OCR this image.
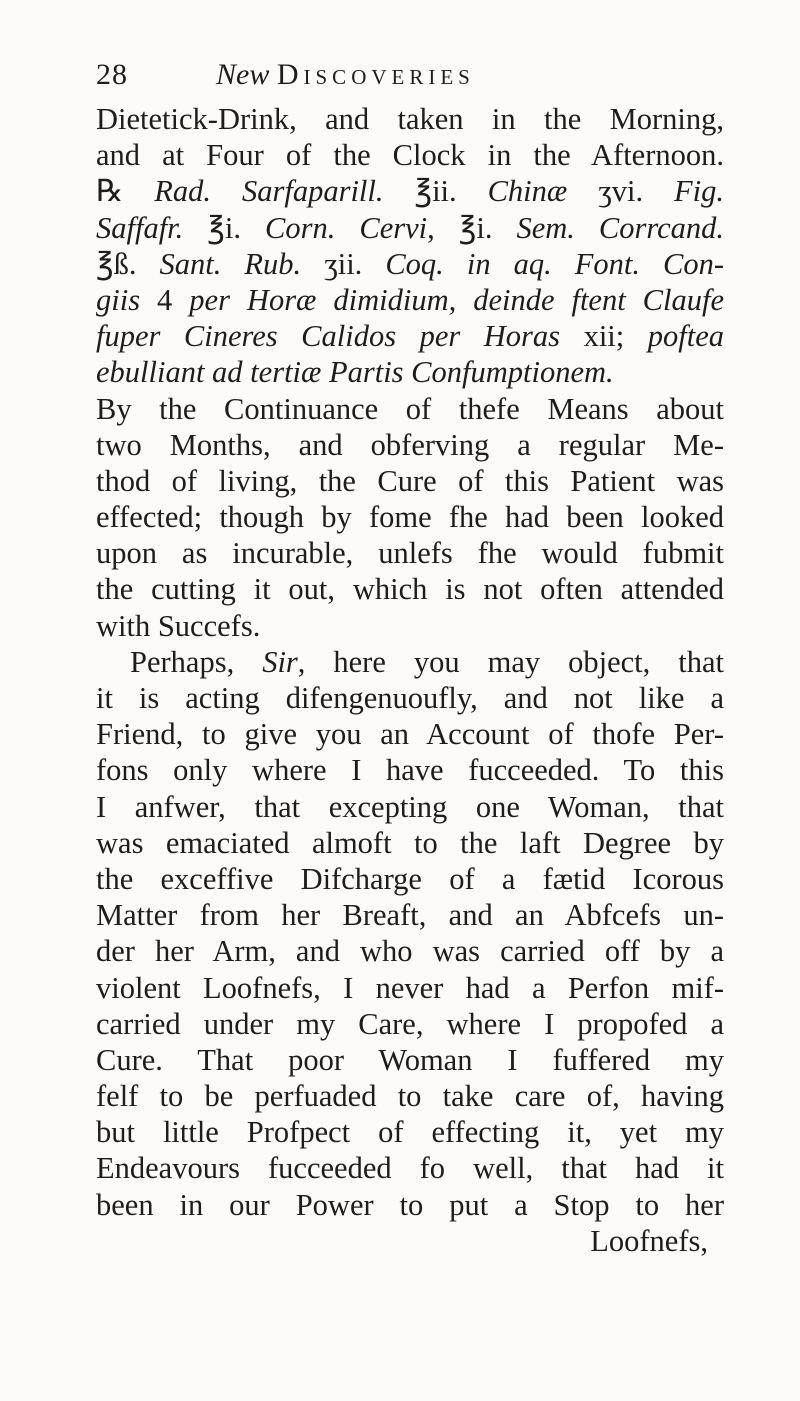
28	New Discoveries
Dietetick-Drink, and taken in the Morning,
and at Four of the Clock in the Afternoon.
℞ Rad. Sarfaparill. ℥ii. Chinæ ʒvi. Fig.
Saffafr. ℥i. Corn. Cervi, ℥i. Sem. Corrcand.
℥ß. Sant. Rub. ʒii. Coq. in aq. Font. Con-
giis 4 per Horæ dimidium, deinde ftent Claufe
fuper Cineres Calidos per Horas xii; poftea
ebulliant ad tertiæ Partis Confumptionem.
By the Continuance of thefe Means about
two Months, and obferving a regular Me-
thod of living, the Cure of this Patient was
effected; though by fome fhe had been looked
upon as incurable, unlefs fhe would fubmit
the cutting it out, which is not often attended
with Succefs.
Perhaps, Sir, here you may object, that
it is acting difengenuoufly, and not like a
Friend, to give you an Account of thofe Per-
fons only where I have fucceeded. To this
I anfwer, that excepting one Woman, that
was emaciated almoft to the laft Degree by
the exceffive Difcharge of a fætid Icorous
Matter from her Breaft, and an Abfcefs un-
der her Arm, and who was carried off by a
violent Loofnefs, I never had a Perfon mif-
carried under my Care, where I propofed a
Cure. That poor Woman I fuffered my
felf to be perfuaded to take care of, having
but little Profpect of effecting it, yet my
Endeavours fucceeded fo well, that had it
been in our Power to put a Stop to her
Loofnefs,
